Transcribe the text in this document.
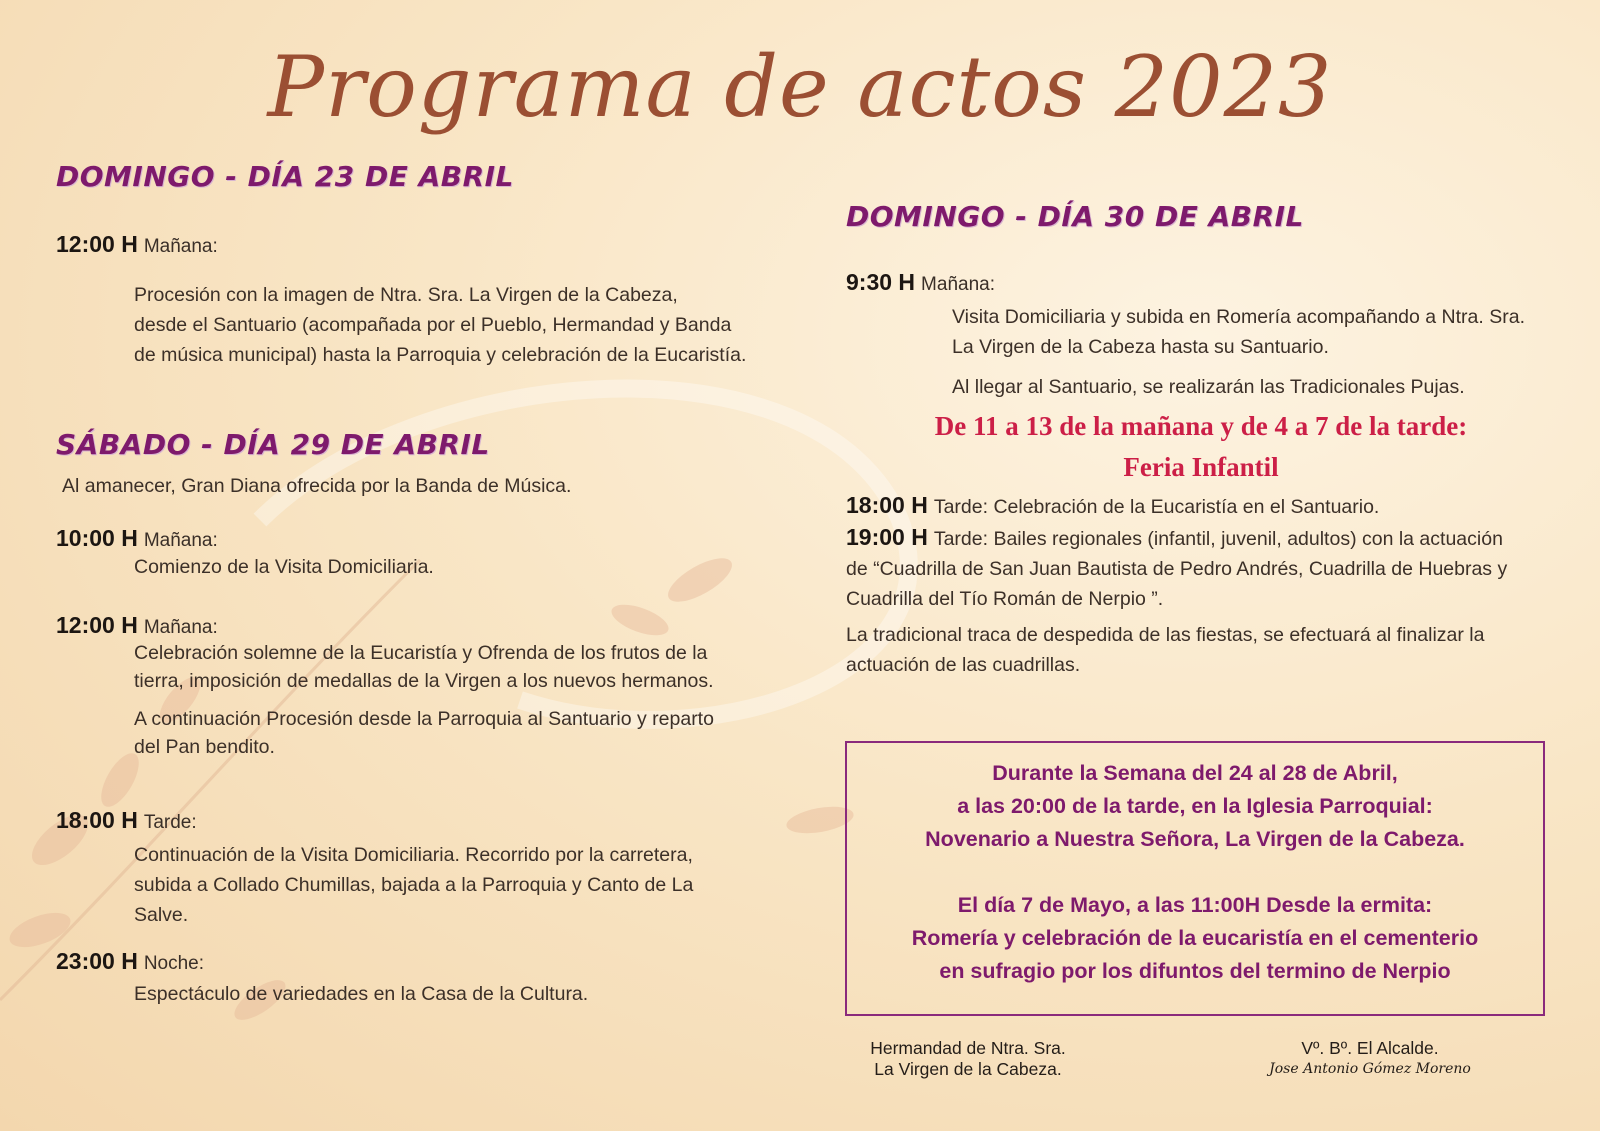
Programa de actos 2023
DOMINGO - DÍA 23 DE ABRIL
12:00 H Mañana:
Procesión con la imagen de Ntra. Sra. La Virgen de la Cabeza,
desde el Santuario (acompañada por el Pueblo, Hermandad y Banda
de música municipal) hasta la Parroquia y celebración de la Eucaristía.
SÁBADO - DÍA 29 DE ABRIL
Al amanecer, Gran Diana ofrecida por la Banda de Música.
10:00 H Mañana:
Comienzo de la Visita Domiciliaria.
12:00 H Mañana:
Celebración solemne de la Eucaristía y Ofrenda de los frutos de la
tierra, imposición de medallas de la Virgen a los nuevos hermanos.
A continuación Procesión desde la Parroquia al Santuario y reparto
del Pan bendito.
18:00 H Tarde:
Continuación de la Visita Domiciliaria. Recorrido por la carretera,
subida a Collado Chumillas, bajada a la Parroquia y Canto de La
Salve.
23:00 H Noche:
Espectáculo de variedades en la Casa de la Cultura.
DOMINGO - DÍA 30 DE ABRIL
9:30 H Mañana:
Visita Domiciliaria y subida en Romería acompañando a Ntra. Sra.
La Virgen de la Cabeza hasta su Santuario.
Al llegar al Santuario, se realizarán las Tradicionales Pujas.
De 11 a 13 de la mañana y de 4 a 7 de la tarde:
Feria Infantil
18:00 H Tarde: Celebración de la Eucaristía en el Santuario.
19:00 H Tarde: Bailes regionales (infantil, juvenil, adultos) con la actuación
de “Cuadrilla de San Juan Bautista de Pedro Andrés, Cuadrilla de Huebras y
Cuadrilla del Tío Román de Nerpio ”.
La tradicional traca de despedida de las fiestas, se efectuará al finalizar la
actuación de las cuadrillas.
Durante la Semana del 24 al 28 de Abril,
a las 20:00 de la tarde, en la Iglesia Parroquial:
Novenario a Nuestra Señora, La Virgen de la Cabeza.
El día 7 de Mayo, a las 11:00H Desde la ermita:
Romería y celebración de la eucaristía en el cementerio
en sufragio por los difuntos del termino de Nerpio
Hermandad de Ntra. Sra.
La Virgen de la Cabeza.
Vº. Bº. El Alcalde.
Jose Antonio Gómez Moreno
